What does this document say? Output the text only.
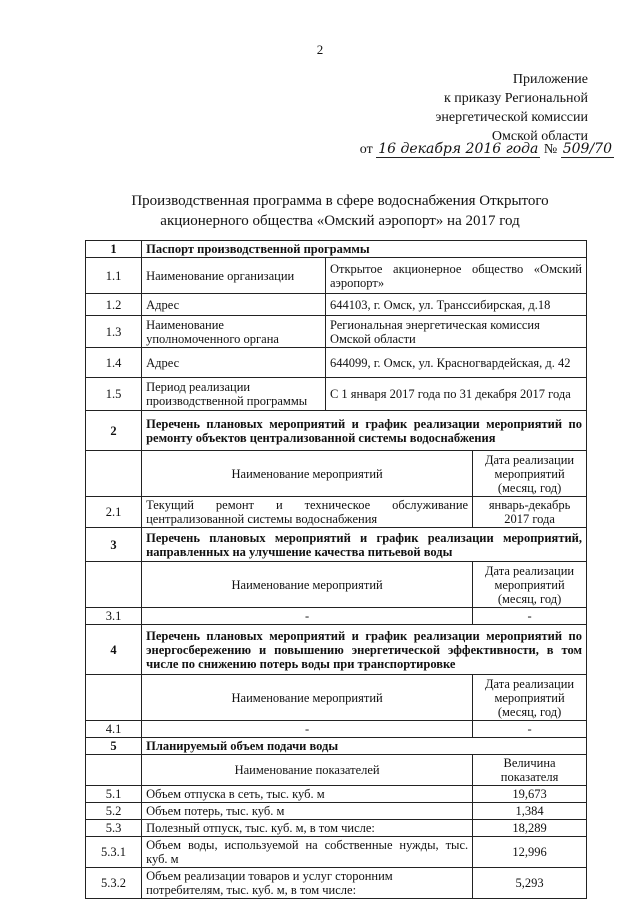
2
Приложение
к приказу Региональной
энергетической комиссии
Омской области
от 16 декабря 2016 года № 509/70
Производственная программа в сфере водоснабжения Открытого
акционерного общества «Омский аэропорт» на 2017 год
1	Паспорт производственной программы		
1.1	Наименование организации	Открытое акционерное общество «Омский аэропорт»	
1.2	Адрес	644103, г. Омск, ул. Транссибирская, д.18	
1.3	Наименование уполномоченного органа	Региональная энергетическая комиссия Омской области	
1.4	Адрес	644099, г. Омск, ул. Красногвардейская, д. 42	
1.5	Период реализации производственной программы	С 1 января 2017 года по 31 декабря 2017 года	
2	Перечень плановых мероприятий и график реализации мероприятий по ремонту объектов централизованной системы водоснабжения		
	Наименование мероприятий		Дата реализации мероприятий (месяц, год)
2.1	Текущий ремонт и техническое обслуживание централизованной системы водоснабжения		январь-декабрь 2017 года
3	Перечень плановых мероприятий и график реализации мероприятий, направленных на улучшение качества питьевой воды		
	Наименование мероприятий		Дата реализации мероприятий (месяц, год)
3.1	-		-
4	Перечень плановых мероприятий и график реализации мероприятий по энергосбережению и повышению энергетической эффективности, в том числе по снижению потерь воды при транспортировке		
	Наименование мероприятий		Дата реализации мероприятий (месяц, год)
4.1	-		-
5	Планируемый объем подачи воды		
	Наименование показателей		Величина показателя
5.1	Объем отпуска в сеть, тыс. куб. м		19,673
5.2	Объем потерь, тыс. куб. м		1,384
5.3	Полезный отпуск, тыс. куб. м, в том числе:		18,289
5.3.1	Объем воды, используемой на собственные нужды, тыс. куб. м		12,996
5.3.2	Объем реализации товаров и услуг сторонним потребителям, тыс. куб. м, в том числе:		5,293
